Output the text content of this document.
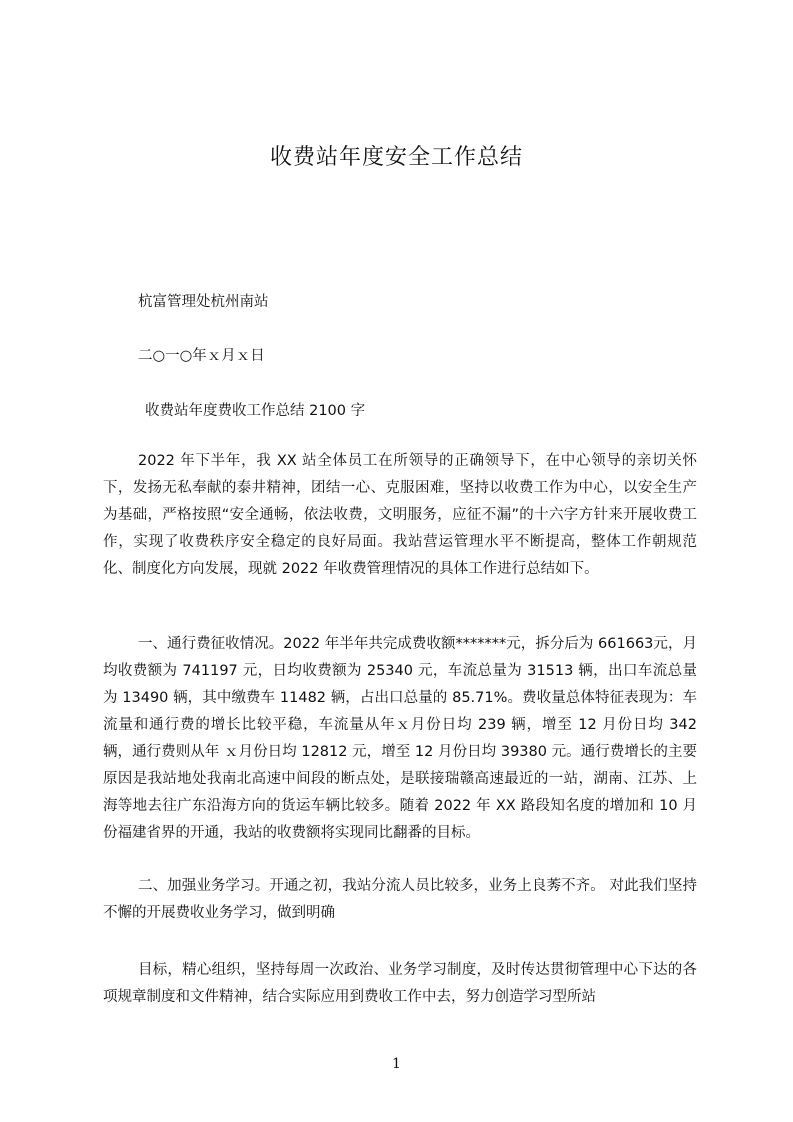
收费站年度安全工作总结
杭富管理处杭州南站
二○一○年ｘ月ｘ日
收费站年度费收工作总结 2100 字
2022 年下半年，我 XX 站全体员工在所领导的正确领导下，在中心领导的亲切关怀下，发扬无私奉献的泰井精神，团结一心、克服困难，坚持以收费工作为中心，以安全生产为基础，严格按照“安全通畅，依法收费，文明服务，应征不漏”的十六字方针来开展收费工作，实现了收费秩序安全稳定的良好局面。我站营运管理水平不断提高，整体工作朝规范化、制度化方向发展，现就 2022 年收费管理情况的具体工作进行总结如下。
一、通行费征收情况。2022 年半年共完成费收额*******元，拆分后为 661663元，月均收费额为 741197 元，日均收费额为 25340 元，车流总量为 31513 辆，出口车流总量为 13490 辆，其中缴费车 11482 辆，占出口总量的 85.71%。费收量总体特征表现为：车流量和通行费的增长比较平稳，车流量从年ｘ月份日均 239 辆，增至 12 月份日均 342 辆，通行费则从年 ｘ月份日均 12812 元，增至 12 月份日均 39380 元。通行费增长的主要原因是我站地处我南北高速中间段的断点处，是联接瑞赣高速最近的一站，湖南、江苏、上海等地去往广东沿海方向的货运车辆比较多。随着 2022 年 XX 路段知名度的增加和 10 月份福建省界的开通，我站的收费额将实现同比翻番的目标。
二、加强业务学习。开通之初，我站分流人员比较多，业务上良莠不齐。 对此我们坚持不懈的开展费收业务学习，做到明确
目标，精心组织，坚持每周一次政治、业务学习制度，及时传达贯彻管理中心下达的各项规章制度和文件精神，结合实际应用到费收工作中去，努力创造学习型所站
1
